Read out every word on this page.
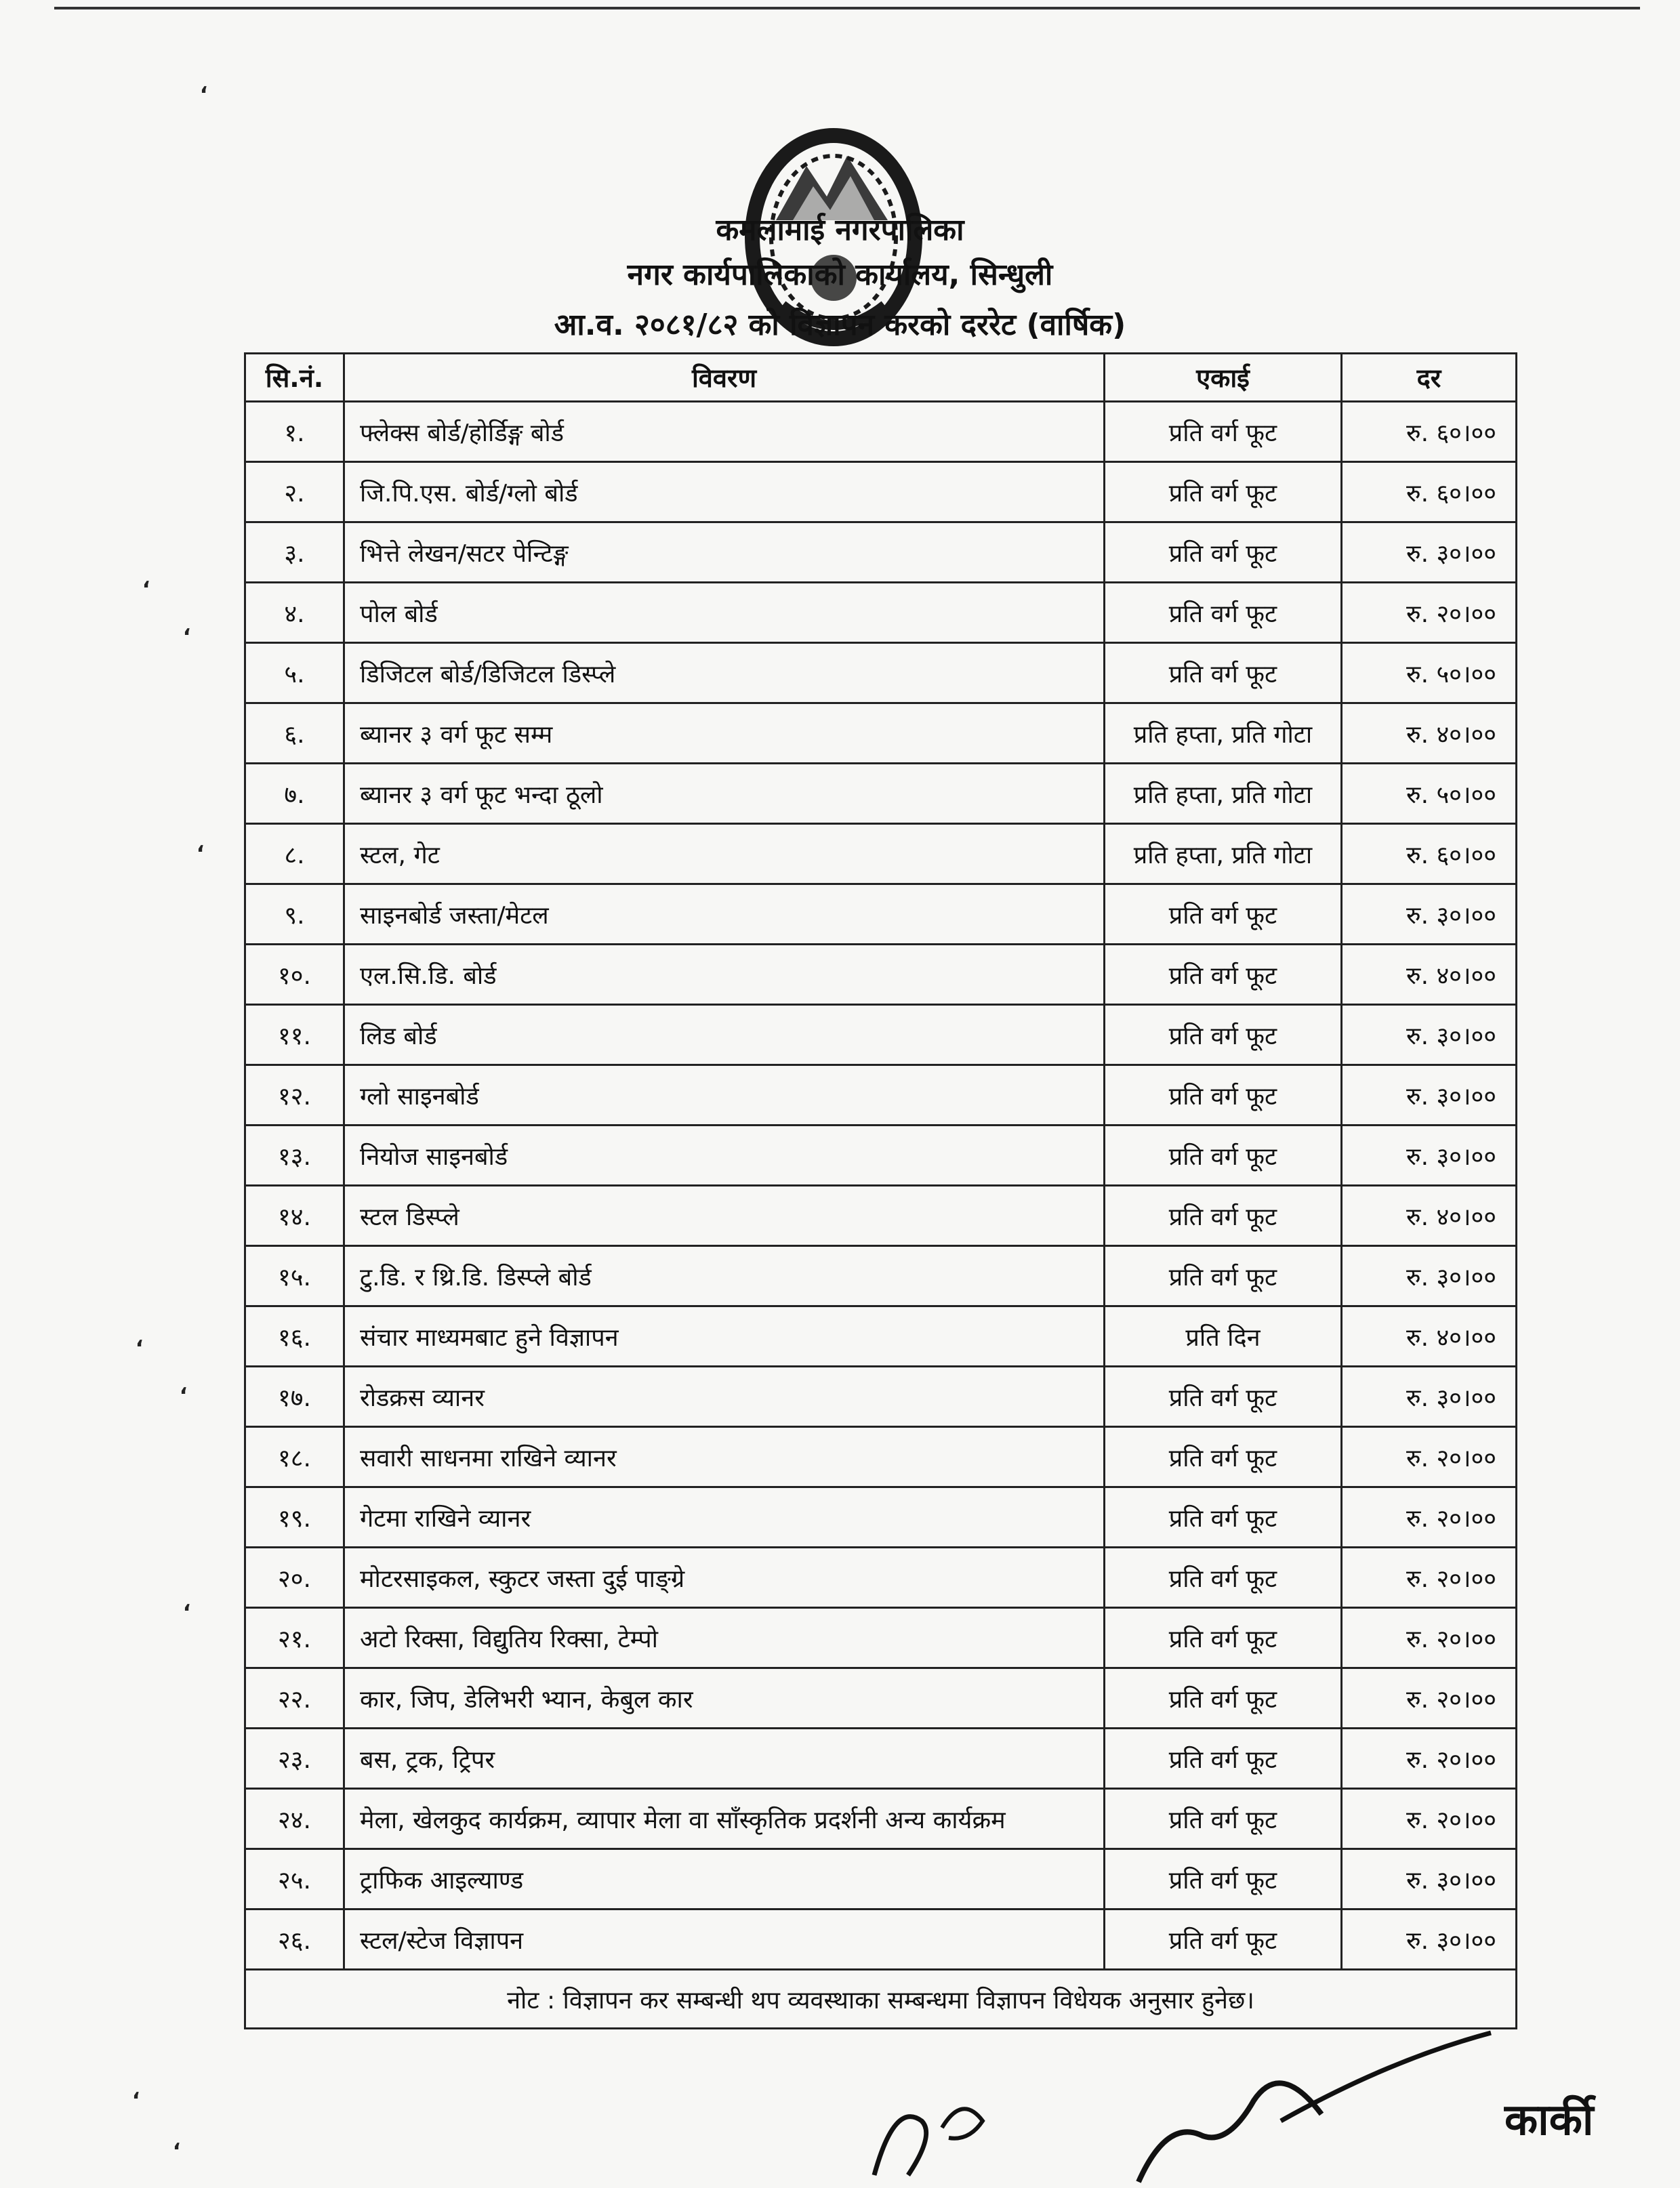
कमलामाई नगरपालिका
नगर कार्यपालिकाको कार्यालय, सिन्धुली
आ.व. २०८१/८२ को विज्ञापन करको दररेट (वार्षिक)
सि.नं.	विवरण	एकाई	दर
१.	फ्लेक्स बोर्ड/होर्डिङ्ग बोर्ड	प्रति वर्ग फूट	रु. ६०।००
२.	जि.पि.एस. बोर्ड/ग्लो बोर्ड	प्रति वर्ग फूट	रु. ६०।००
३.	भित्ते लेखन/सटर पेन्टिङ्ग	प्रति वर्ग फूट	रु. ३०।००
४.	पोल बोर्ड	प्रति वर्ग फूट	रु. २०।००
५.	डिजिटल बोर्ड/डिजिटल डिस्प्ले	प्रति वर्ग फूट	रु. ५०।००
६.	ब्यानर ३ वर्ग फूट सम्म	प्रति हप्ता, प्रति गोटा	रु. ४०।००
७.	ब्यानर ३ वर्ग फूट भन्दा ठूलो	प्रति हप्ता, प्रति गोटा	रु. ५०।००
८.	स्टल, गेट	प्रति हप्ता, प्रति गोटा	रु. ६०।००
९.	साइनबोर्ड जस्ता/मेटल	प्रति वर्ग फूट	रु. ३०।००
१०.	एल.सि.डि. बोर्ड	प्रति वर्ग फूट	रु. ४०।००
११.	लिड बोर्ड	प्रति वर्ग फूट	रु. ३०।००
१२.	ग्लो साइनबोर्ड	प्रति वर्ग फूट	रु. ३०।००
१३.	नियोज साइनबोर्ड	प्रति वर्ग फूट	रु. ३०।००
१४.	स्टल डिस्प्ले	प्रति वर्ग फूट	रु. ४०।००
१५.	टु.डि. र थ्रि.डि. डिस्प्ले बोर्ड	प्रति वर्ग फूट	रु. ३०।००
१६.	संचार माध्यमबाट हुने विज्ञापन	प्रति दिन	रु. ४०।००
१७.	रोडक्रस व्यानर	प्रति वर्ग फूट	रु. ३०।००
१८.	सवारी साधनमा राखिने व्यानर	प्रति वर्ग फूट	रु. २०।००
१९.	गेटमा राखिने व्यानर	प्रति वर्ग फूट	रु. २०।००
२०.	मोटरसाइकल, स्कुटर जस्ता दुई पाङ्ग्रे	प्रति वर्ग फूट	रु. २०।००
२१.	अटो रिक्सा, विद्युतिय रिक्सा, टेम्पो	प्रति वर्ग फूट	रु. २०।००
२२.	कार, जिप, डेलिभरी भ्यान, केबुल कार	प्रति वर्ग फूट	रु. २०।००
२३.	बस, ट्रक, ट्रिपर	प्रति वर्ग फूट	रु. २०।००
२४.	मेला, खेलकुद कार्यक्रम, व्यापार मेला वा साँस्कृतिक प्रदर्शनी अन्य कार्यक्रम	प्रति वर्ग फूट	रु. २०।००
२५.	ट्राफिक आइल्याण्ड	प्रति वर्ग फूट	रु. ३०।००
२६.	स्टल/स्टेज विज्ञापन	प्रति वर्ग फूट	रु. ३०।००
नोट : विज्ञापन कर सम्बन्धी थप व्यवस्थाका सम्बन्धमा विज्ञापन विधेयक अनुसार हुनेछ।			
कार्की
،
،
،
،
،
،
،
،
،
